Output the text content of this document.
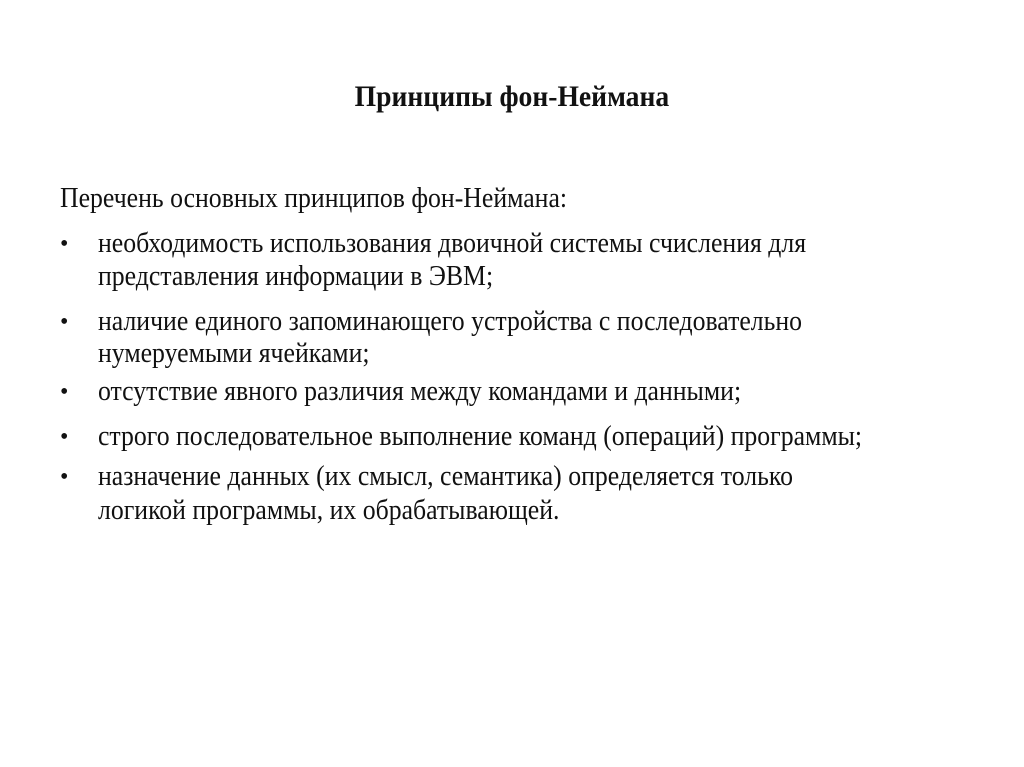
Принципы фон-Неймана
Перечень основных принципов фон-Неймана:
• необходимость использования двоичной системы счисления для
представления информации в ЭВМ;
• наличие единого запоминающего устройства с последовательно
нумеруемыми ячейками;
• отсутствие явного различия между командами и данными;
• строго последовательное выполнение команд (операций) программы;
• назначение данных (их смысл, семантика) определяется только
логикой программы, их обрабатывающей.
